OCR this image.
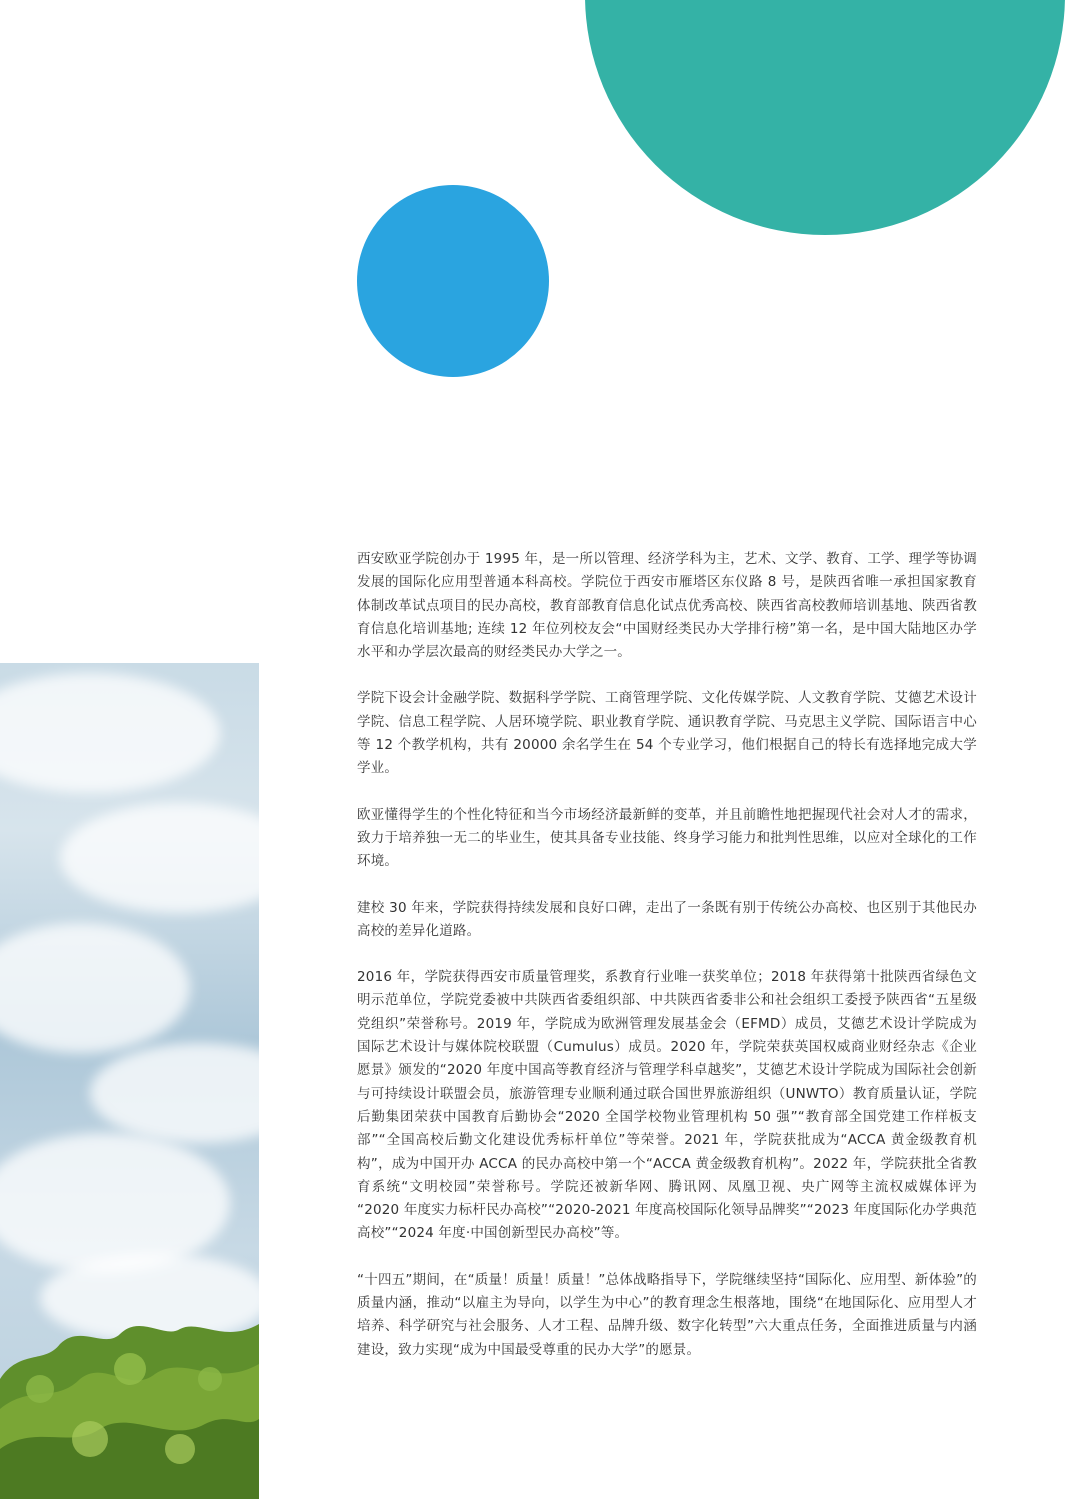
西安欧亚学院创办于 1995 年，是一所以管理、经济学科为主，艺术、文学、教育、工学、理学等协调发展的国际化应用型普通本科高校。学院位于西安市雁塔区东仪路 8 号，是陕西省唯一承担国家教育体制改革试点项目的民办高校，教育部教育信息化试点优秀高校、陕西省高校教师培训基地、陕西省教育信息化培训基地; 连续 12 年位列校友会“中国财经类民办大学排行榜”第一名，是中国大陆地区办学水平和办学层次最高的财经类民办大学之一。

学院下设会计金融学院、数据科学学院、工商管理学院、文化传媒学院、人文教育学院、艾德艺术设计学院、信息工程学院、人居环境学院、职业教育学院、通识教育学院、马克思主义学院、国际语言中心等 12 个教学机构，共有 20000 余名学生在 54 个专业学习，他们根据自己的特长有选择地完成大学学业。

欧亚懂得学生的个性化特征和当今市场经济最新鲜的变革，并且前瞻性地把握现代社会对人才的需求，致力于培养独一无二的毕业生，使其具备专业技能、终身学习能力和批判性思维，以应对全球化的工作环境。

建校 30 年来，学院获得持续发展和良好口碑，走出了一条既有别于传统公办高校、也区别于其他民办高校的差异化道路。

2016 年，学院获得西安市质量管理奖，系教育行业唯一获奖单位；2018 年获得第十批陕西省绿色文明示范单位，学院党委被中共陕西省委组织部、中共陕西省委非公和社会组织工委授予陕西省“五星级党组织”荣誉称号。2019 年，学院成为欧洲管理发展基金会（EFMD）成员，艾德艺术设计学院成为国际艺术设计与媒体院校联盟（Cumulus）成员。2020 年，学院荣获英国权威商业财经杂志《企业愿景》颁发的“2020 年度中国高等教育经济与管理学科卓越奖”，艾德艺术设计学院成为国际社会创新与可持续设计联盟会员，旅游管理专业顺利通过联合国世界旅游组织（UNWTO）教育质量认证，学院后勤集团荣获中国教育后勤协会“2020 全国学校物业管理机构 50 强”“教育部全国党建工作样板支部”“全国高校后勤文化建设优秀标杆单位”等荣誉。2021 年，学院获批成为“ACCA 黄金级教育机构”，成为中国开办 ACCA 的民办高校中第一个“ACCA 黄金级教育机构”。2022 年，学院获批全省教育系统“文明校园”荣誉称号。学院还被新华网、腾讯网、凤凰卫视、央广网等主流权威媒体评为 “2020 年度实力标杆民办高校”“2020-2021 年度高校国际化领导品牌奖”“2023 年度国际化办学典范高校”“2024 年度·中国创新型民办高校”等。

“十四五”期间，在“质量！质量！质量！”总体战略指导下，学院继续坚持“国际化、应用型、新体验”的质量内涵，推动“以雇主为导向，以学生为中心”的教育理念生根落地，围绕“在地国际化、应用型人才培养、科学研究与社会服务、人才工程、品牌升级、数字化转型”六大重点任务，全面推进质量与内涵建设，致力实现“成为中国最受尊重的民办大学”的愿景。
